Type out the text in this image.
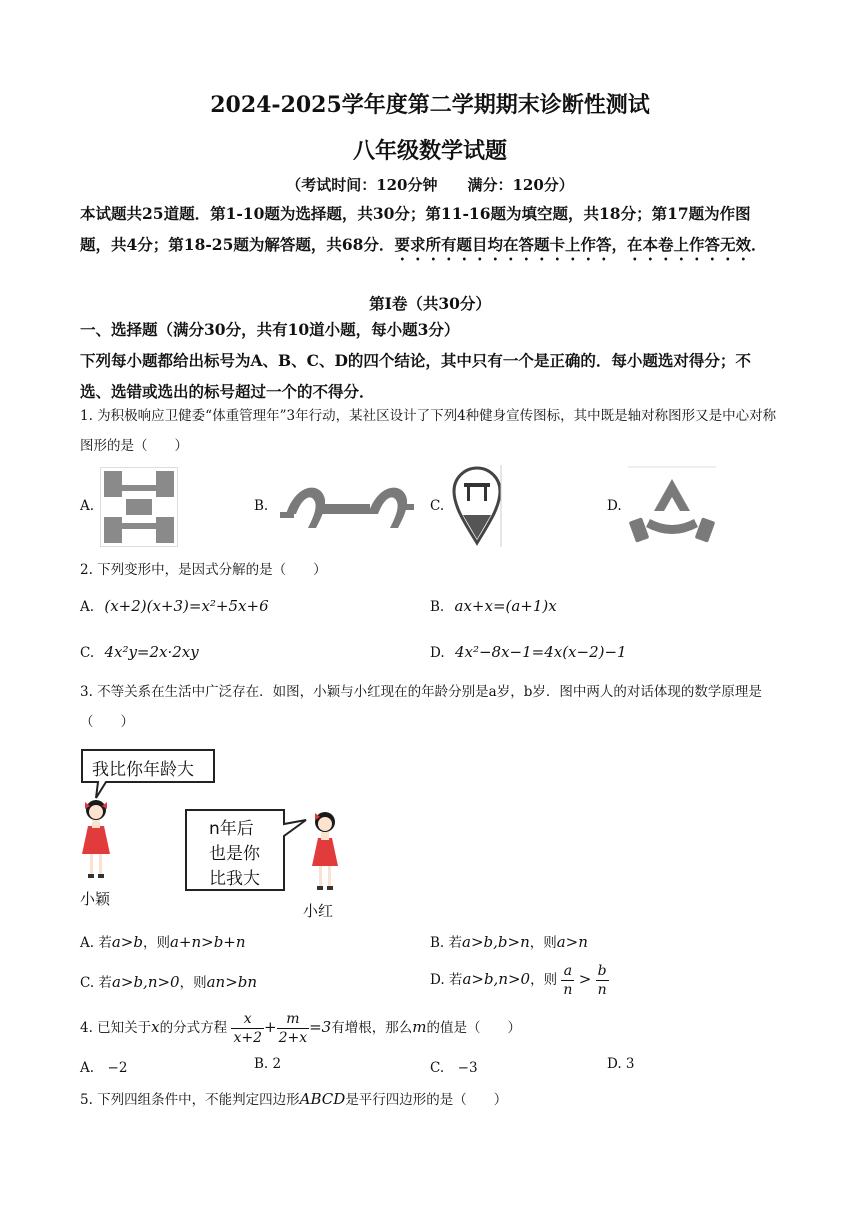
2024-2025学年度第二学期期末诊断性测试
八年级数学试题
（考试时间：120分钟　　满分：120分）
本试题共25道题．第1-10题为选择题，共30分；第11-16题为填空题，共18分；第17题为作图题，共4分；第18-25题为解答题，共68分．要求所有题目均在答题卡上作答，在本卷上作答无效．
第I卷（共30分）
一、选择题（满分30分，共有10道小题，每小题3分）
下列每小题都给出标号为A、B、C、D的四个结论，其中只有一个是正确的．每小题选对得分；不选、选错或选出的标号超过一个的不得分．
1. 为积极响应卫健委“体重管理年”3年行动，某社区设计了下列4种健身宣传图标，其中既是轴对称图形又是中心对称图形的是（　　）
A.	B.	C.	D.
2. 下列变形中，是因式分解的是（　　）
A. (x+2)(x+3)=x²+5x+6	B. ax+x=(a+1)x
C. 4x²y=2x·2xy	D. 4x²−8x−1=4x(x−2)−1
3. 不等关系在生活中广泛存在．如图，小颖与小红现在的年龄分别是a岁，b岁．图中两人的对话体现的数学原理是（　　）
我比你年龄大
小颖
n年后
也是你
比我大
小红
A. 若a>b，则a+n>b+n	B. 若a>b,b>n，则a>n
C. 若a>b,n>0，则an>bn	D. 若a>b,n>0，则 $\frac{a}{n} > \frac{b}{n}$
4. 已知关于x的分式方程 $\frac{x}{x+2} + \frac{m}{2+x} =3$有增根，那么m的值是（　　）
A.　−2	B. 2	C.　−3	D. 3
5. 下列四组条件中，不能判定四边形ABCD是平行四边形的是（　　）
